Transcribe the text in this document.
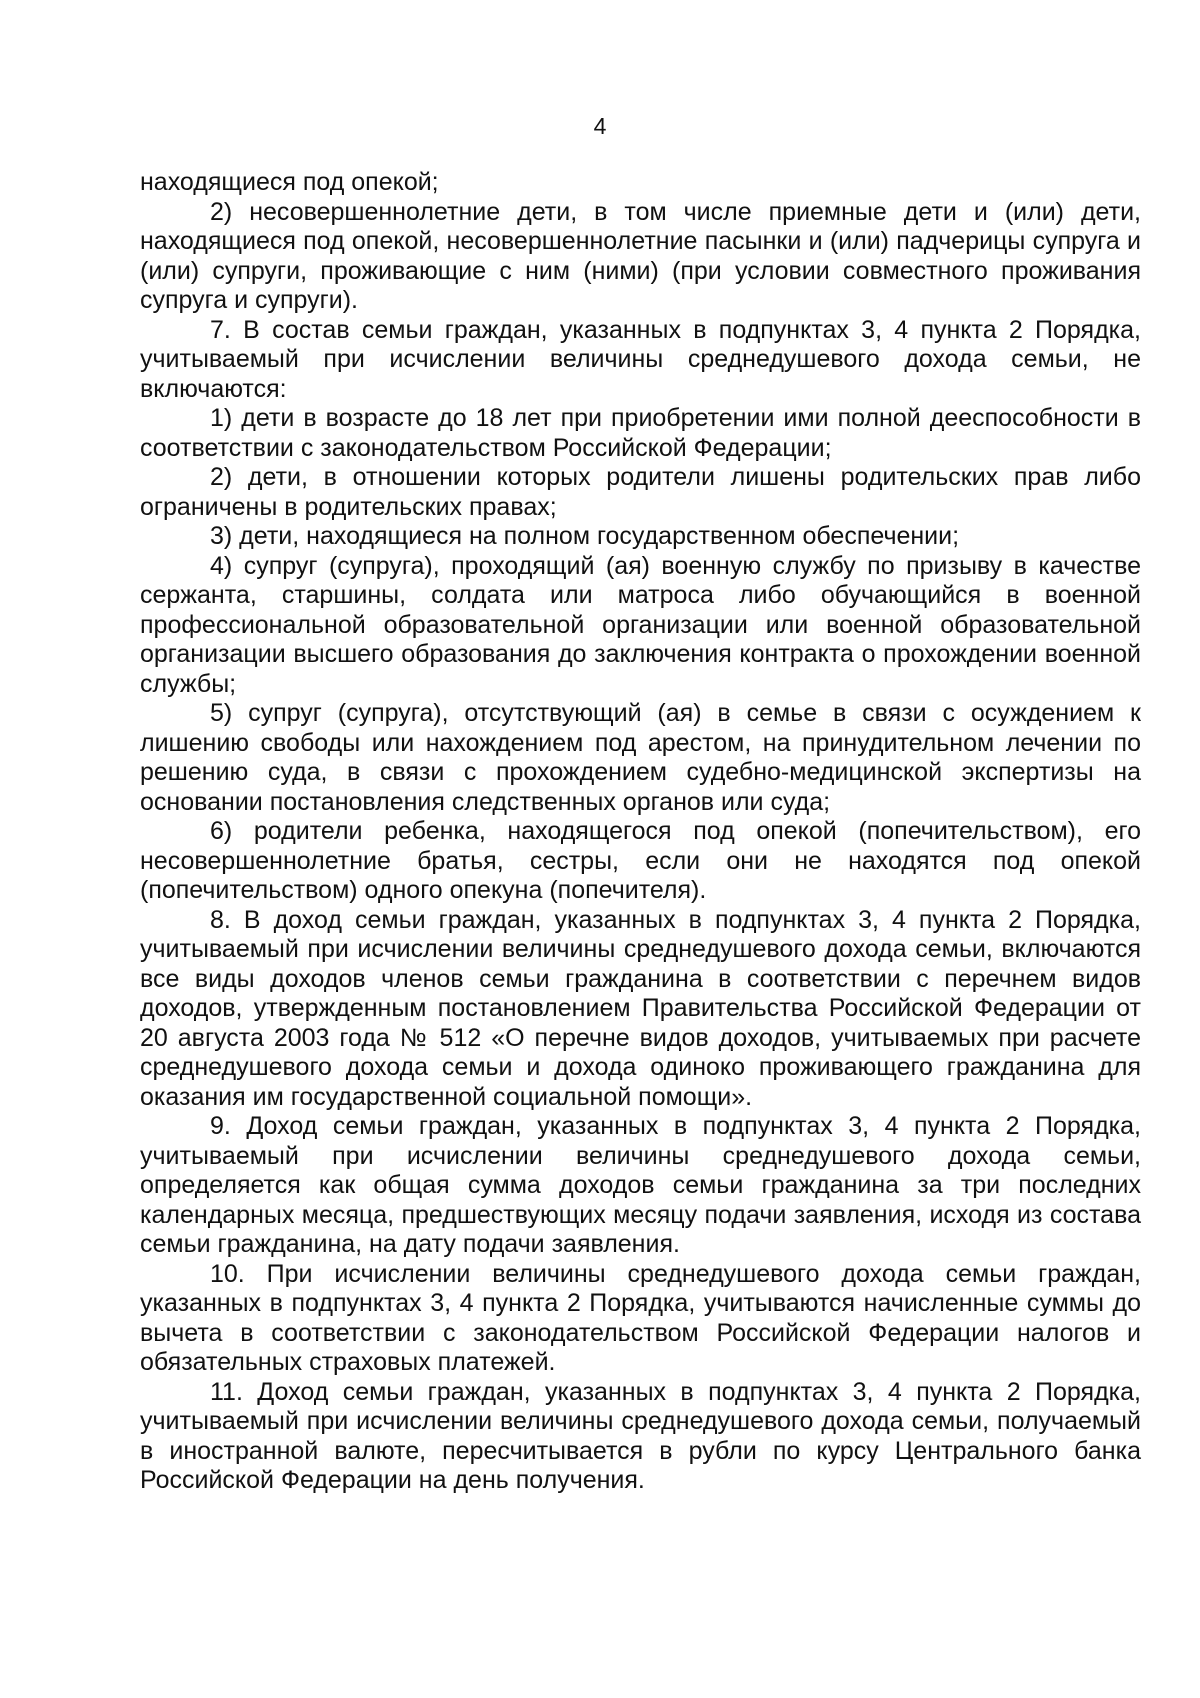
4

находящиеся под опекой;

2) несовершеннолетние дети, в том числе приемные дети и (или) дети, находящиеся под опекой, несовершеннолетние пасынки и (или) падчерицы супруга и (или) супруги, проживающие с ним (ними) (при условии совместного проживания супруга и супруги).

7. В состав семьи граждан, указанных в подпунктах 3, 4 пункта 2 Порядка, учитываемый при исчислении величины среднедушевого дохода семьи, не включаются:

1) дети в возрасте до 18 лет при приобретении ими полной дееспособности в соответствии с законодательством Российской Федерации;

2) дети, в отношении которых родители лишены родительских прав либо ограничены в родительских правах;

3) дети, находящиеся на полном государственном обеспечении;

4) супруг (супруга), проходящий (ая) военную службу по призыву в качестве сержанта, старшины, солдата или матроса либо обучающийся в военной профессиональной образовательной организации или военной образовательной организации высшего образования до заключения контракта о прохождении военной службы;

5) супруг (супруга), отсутствующий (ая) в семье в связи с осуждением к лишению свободы или нахождением под арестом, на принудительном лечении по решению суда, в связи с прохождением судебно-медицинской экспертизы на основании постановления следственных органов или суда;

6) родители ребенка, находящегося под опекой (попечительством), его несовершеннолетние братья, сестры, если они не находятся под опекой (попечительством) одного опекуна (попечителя).

8. В доход семьи граждан, указанных в подпунктах 3, 4 пункта 2 Порядка, учитываемый при исчислении величины среднедушевого дохода семьи, включаются все виды доходов членов семьи гражданина в соответствии с перечнем видов доходов, утвержденным постановлением Правительства Российской Федерации от 20 августа 2003 года № 512 «О перечне видов доходов, учитываемых при расчете среднедушевого дохода семьи и дохода одиноко проживающего гражданина для оказания им государственной социальной помощи».

9. Доход семьи граждан, указанных в подпунктах 3, 4 пункта 2 Порядка, учитываемый при исчислении величины среднедушевого дохода семьи, определяется как общая сумма доходов семьи гражданина за три последних календарных месяца, предшествующих месяцу подачи заявления, исходя из состава семьи гражданина, на дату подачи заявления.

10. При исчислении величины среднедушевого дохода семьи граждан, указанных в подпунктах 3, 4 пункта 2 Порядка, учитываются начисленные суммы до вычета в соответствии с законодательством Российской Федерации налогов и обязательных страховых платежей.

11. Доход семьи граждан, указанных в подпунктах 3, 4 пункта 2 Порядка, учитываемый при исчислении величины среднедушевого дохода семьи, получаемый в иностранной валюте, пересчитывается в рубли по курсу Центрального банка Российской Федерации на день получения.
